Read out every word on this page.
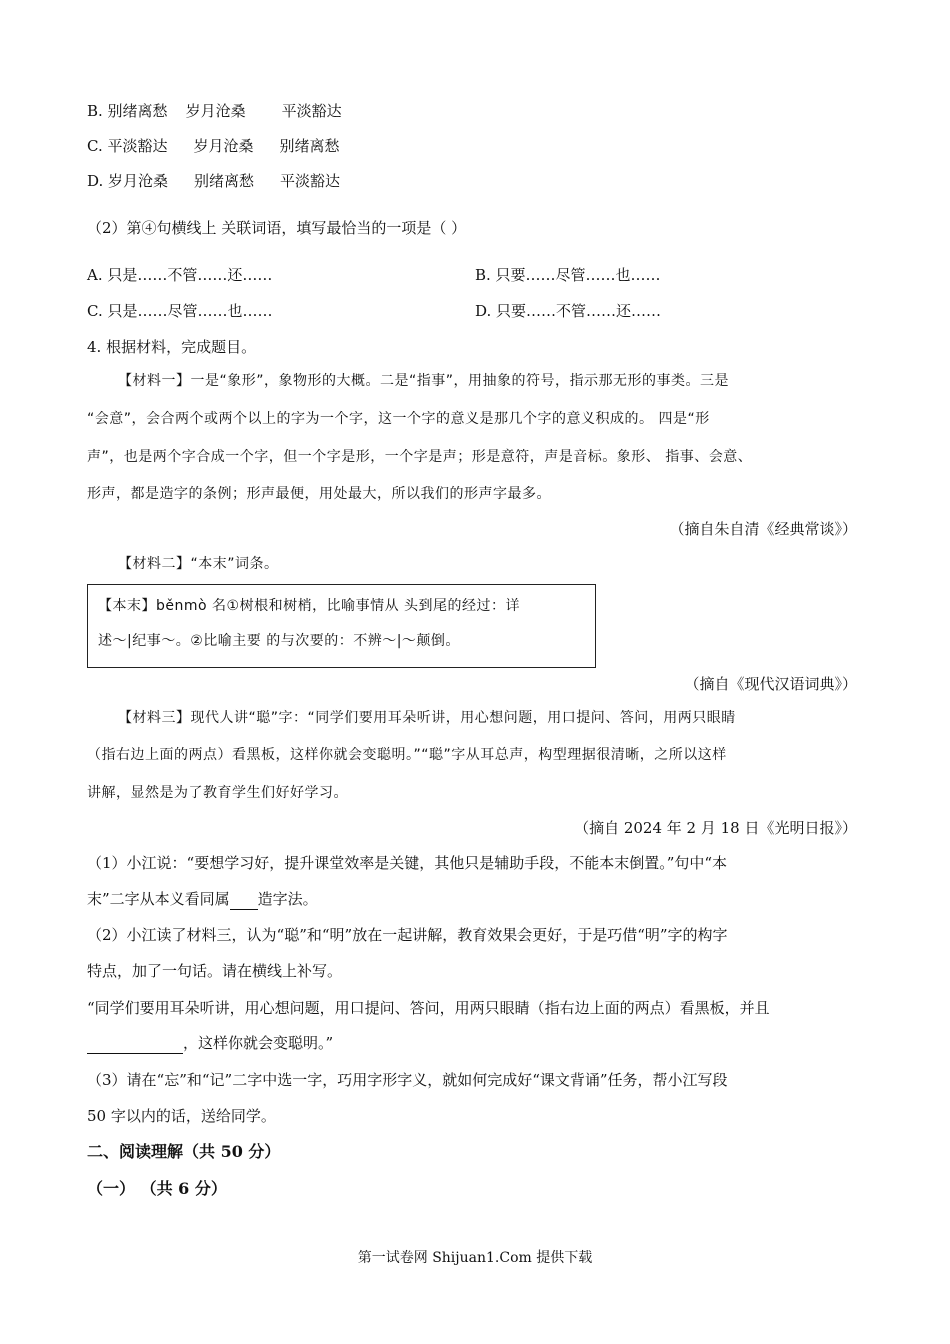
B. 别绪离愁 岁月沧桑 平淡豁达
C. 平淡豁达 岁月沧桑 别绪离愁
D. 岁月沧桑 别绪离愁 平淡豁达
（2）第④句横线上 关联词语，填写最恰当的一项是（ ）
A. 只是……不管……还……	B. 只要……尽管……也……
C. 只是……尽管……也……	D. 只要……不管……还……
4. 根据材料，完成题目。
【材料一】一是“象形”，象物形的大概。二是“指事”，用抽象的符号，指示那无形的事类。三是
“会意”，会合两个或两个以上的字为一个字，这一个字的意义是那几个字的意义积成的。 四是“形
声”，也是两个字合成一个字，但一个字是形，一个字是声；形是意符，声是音标。象形、 指事、会意、
形声，都是造字的条例；形声最便，用处最大，所以我们的形声字最多。
（摘自朱自清《经典常谈》）
【材料二】“本末”词条。
【本末】běnmò 名①树根和树梢，比喻事情从 头到尾的经过：详
述～|纪事～。②比喻主要 的与次要的：不辨～|～颠倒。
（摘自《现代汉语词典》）
【材料三】现代人讲“聪”字：“同学们要用耳朵听讲，用心想问题，用口提问、答问，用两只眼睛
（指右边上面的两点）看黑板，这样你就会变聪明。”“聪”字从耳总声，构型理据很清晰，之所以这样
讲解，显然是为了教育学生们好好学习。
（摘自 2024 年 2 月 18 日《光明日报》）
（1）小江说：“要想学习好，提升课堂效率是关键，其他只是辅助手段，不能本末倒置。”句中“本
末”二字从本义看同属 造字法。
（2）小江读了材料三，认为“聪”和“明”放在一起讲解，教育效果会更好，于是巧借“明”字的构字
特点，加了一句话。请在横线上补写。
“同学们要用耳朵听讲，用心想问题，用口提问、答问，用两只眼睛（指右边上面的两点）看黑板，并且
，这样你就会变聪明。”
（3）请在“忘”和“记”二字中选一字，巧用字形字义，就如何完成好“课文背诵”任务，帮小江写段
50 字以内的话，送给同学。
二、阅读理解（共 50 分）
（一） （共 6 分）
第一试卷网 Shijuan1.Com 提供下载
